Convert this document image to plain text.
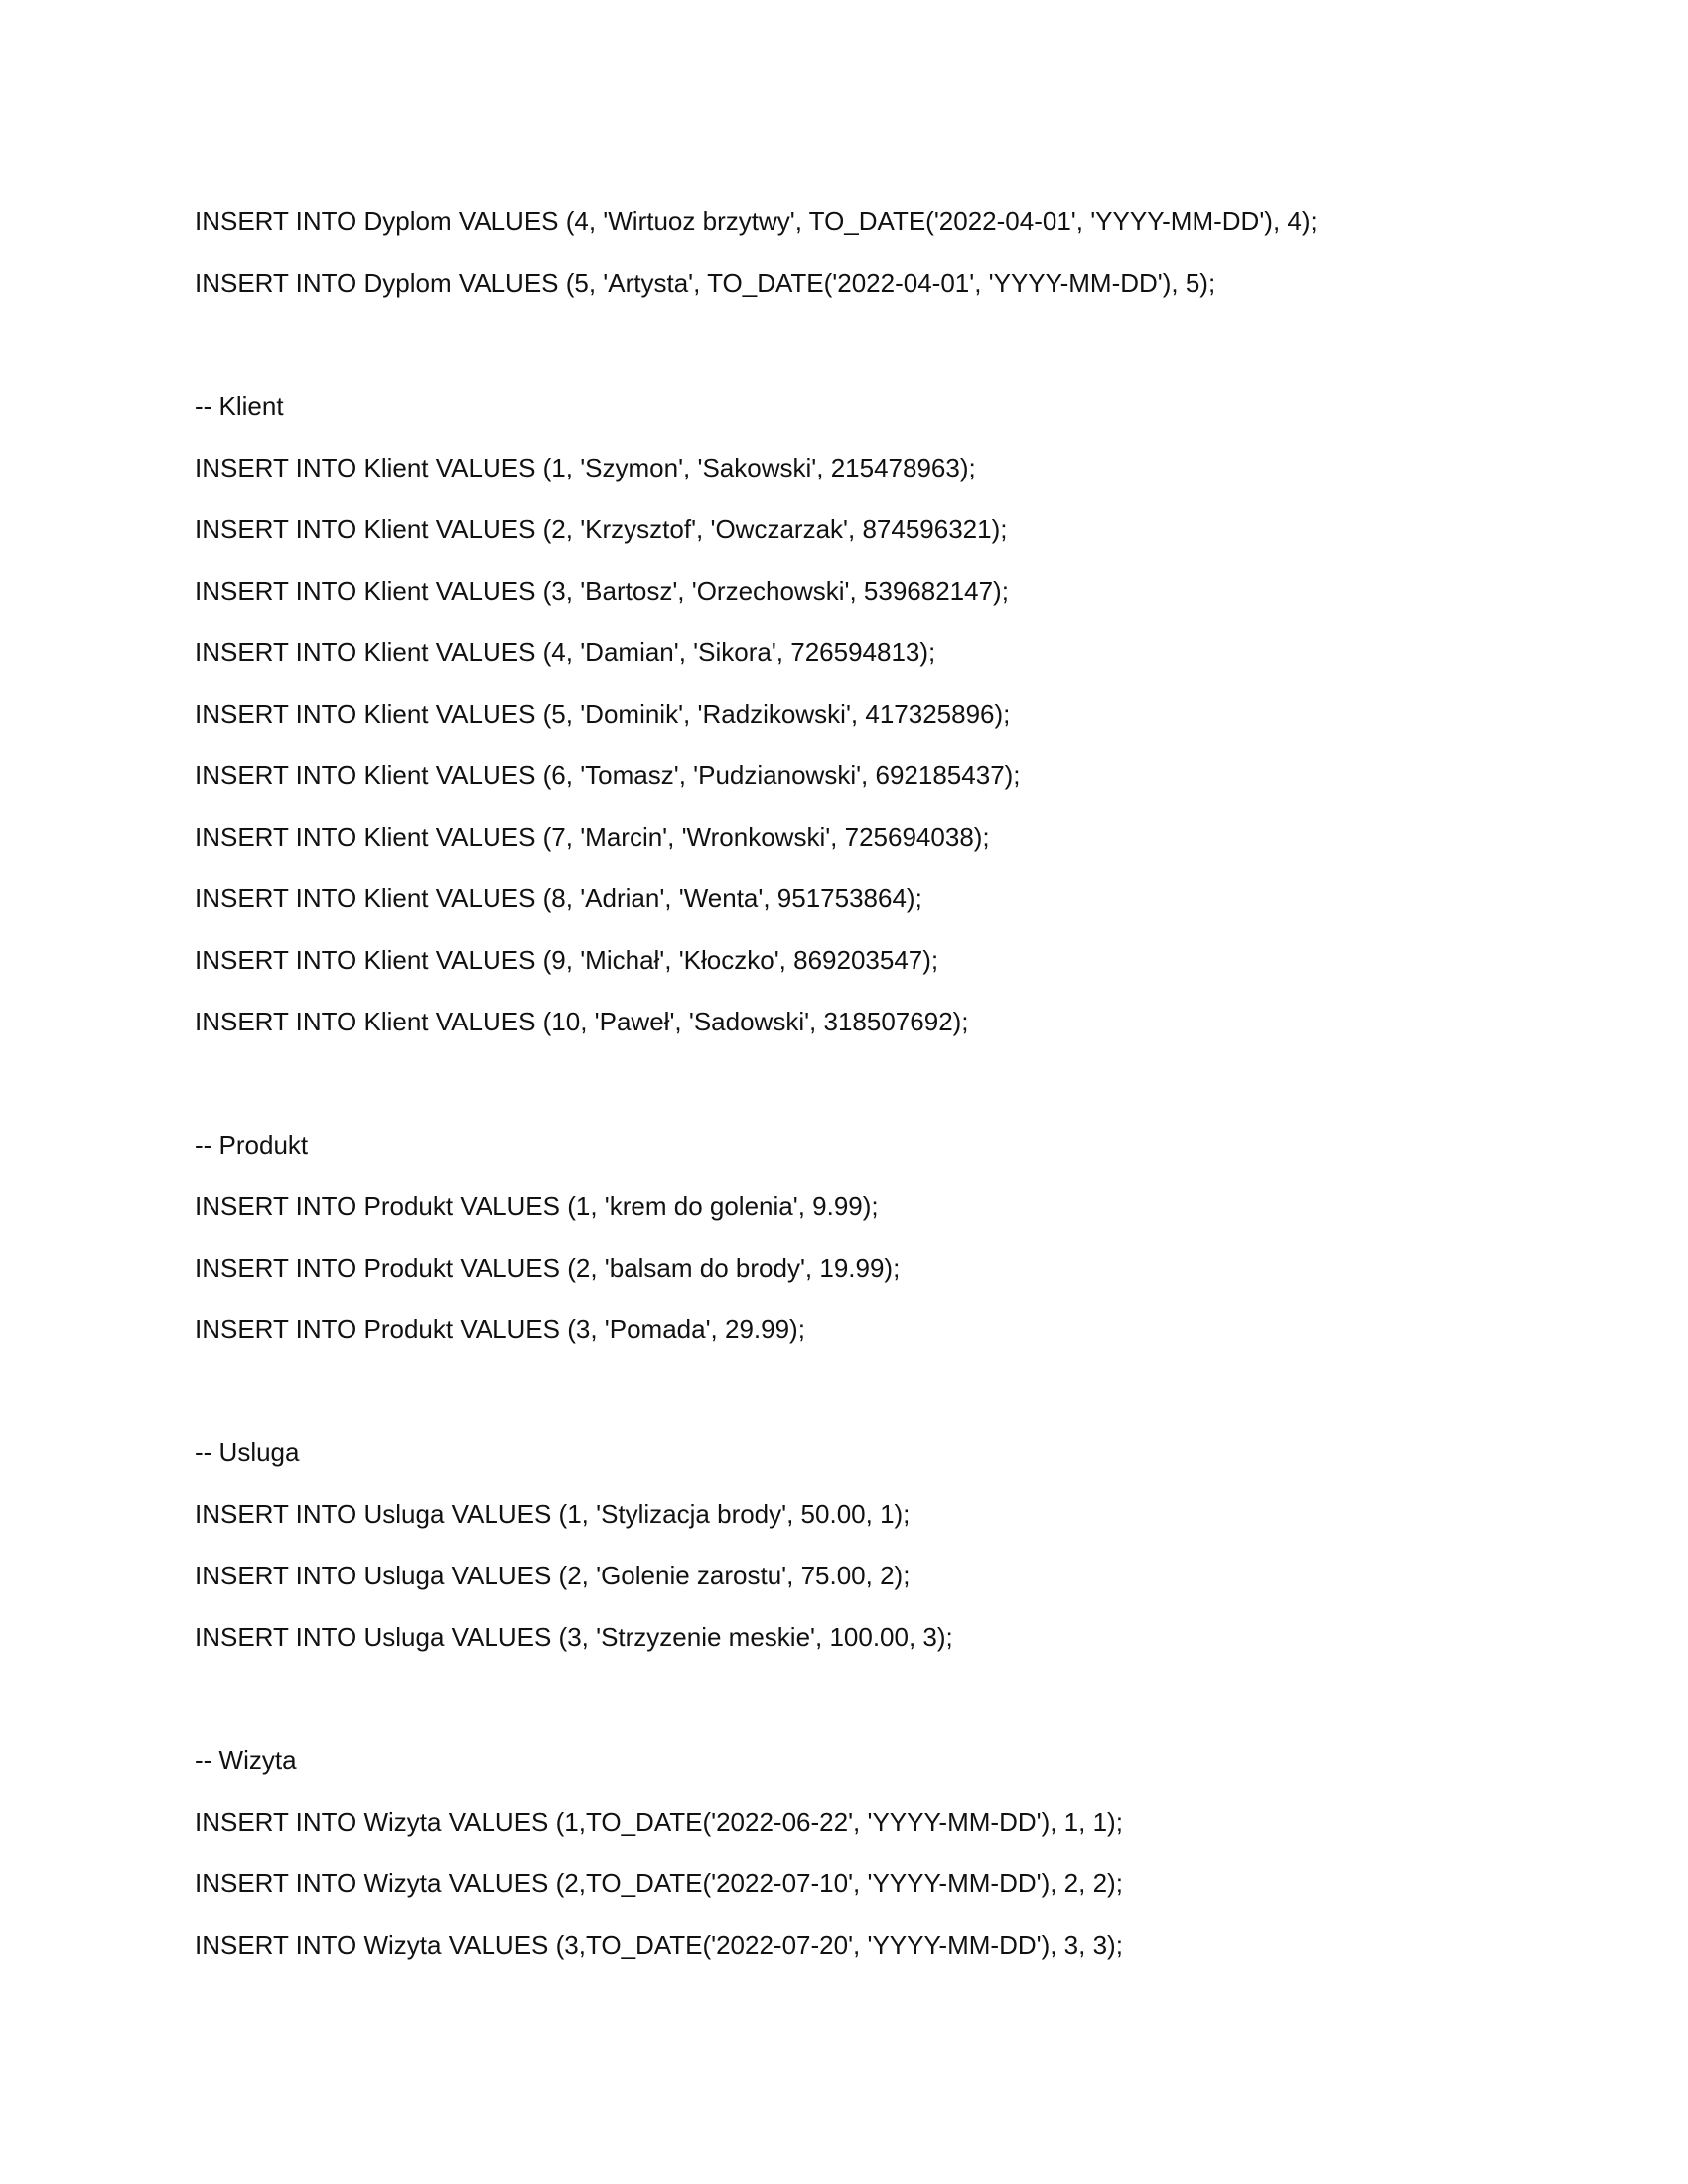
INSERT INTO Dyplom VALUES (4, 'Wirtuoz brzytwy', TO_DATE('2022-04-01', 'YYYY-MM-DD'), 4);
INSERT INTO Dyplom VALUES (5, 'Artysta', TO_DATE('2022-04-01', 'YYYY-MM-DD'), 5);
-- Klient
INSERT INTO Klient VALUES (1, 'Szymon', 'Sakowski', 215478963);
INSERT INTO Klient VALUES (2, 'Krzysztof', 'Owczarzak', 874596321);
INSERT INTO Klient VALUES (3, 'Bartosz', 'Orzechowski', 539682147);
INSERT INTO Klient VALUES (4, 'Damian', 'Sikora', 726594813);
INSERT INTO Klient VALUES (5, 'Dominik', 'Radzikowski', 417325896);
INSERT INTO Klient VALUES (6, 'Tomasz', 'Pudzianowski', 692185437);
INSERT INTO Klient VALUES (7, 'Marcin', 'Wronkowski', 725694038);
INSERT INTO Klient VALUES (8, 'Adrian', 'Wenta', 951753864);
INSERT INTO Klient VALUES (9, 'Michał', 'Kłoczko', 869203547);
INSERT INTO Klient VALUES (10, 'Paweł', 'Sadowski', 318507692);
-- Produkt
INSERT INTO Produkt VALUES (1, 'krem do golenia', 9.99);
INSERT INTO Produkt VALUES (2, 'balsam do brody', 19.99);
INSERT INTO Produkt VALUES (3, 'Pomada', 29.99);
-- Usluga
INSERT INTO Usluga VALUES (1, 'Stylizacja brody', 50.00, 1);
INSERT INTO Usluga VALUES (2, 'Golenie zarostu', 75.00, 2);
INSERT INTO Usluga VALUES (3, 'Strzyzenie meskie', 100.00, 3);
-- Wizyta
INSERT INTO Wizyta VALUES (1,TO_DATE('2022-06-22', 'YYYY-MM-DD'), 1, 1);
INSERT INTO Wizyta VALUES (2,TO_DATE('2022-07-10', 'YYYY-MM-DD'), 2, 2);
INSERT INTO Wizyta VALUES (3,TO_DATE('2022-07-20', 'YYYY-MM-DD'), 3, 3);
